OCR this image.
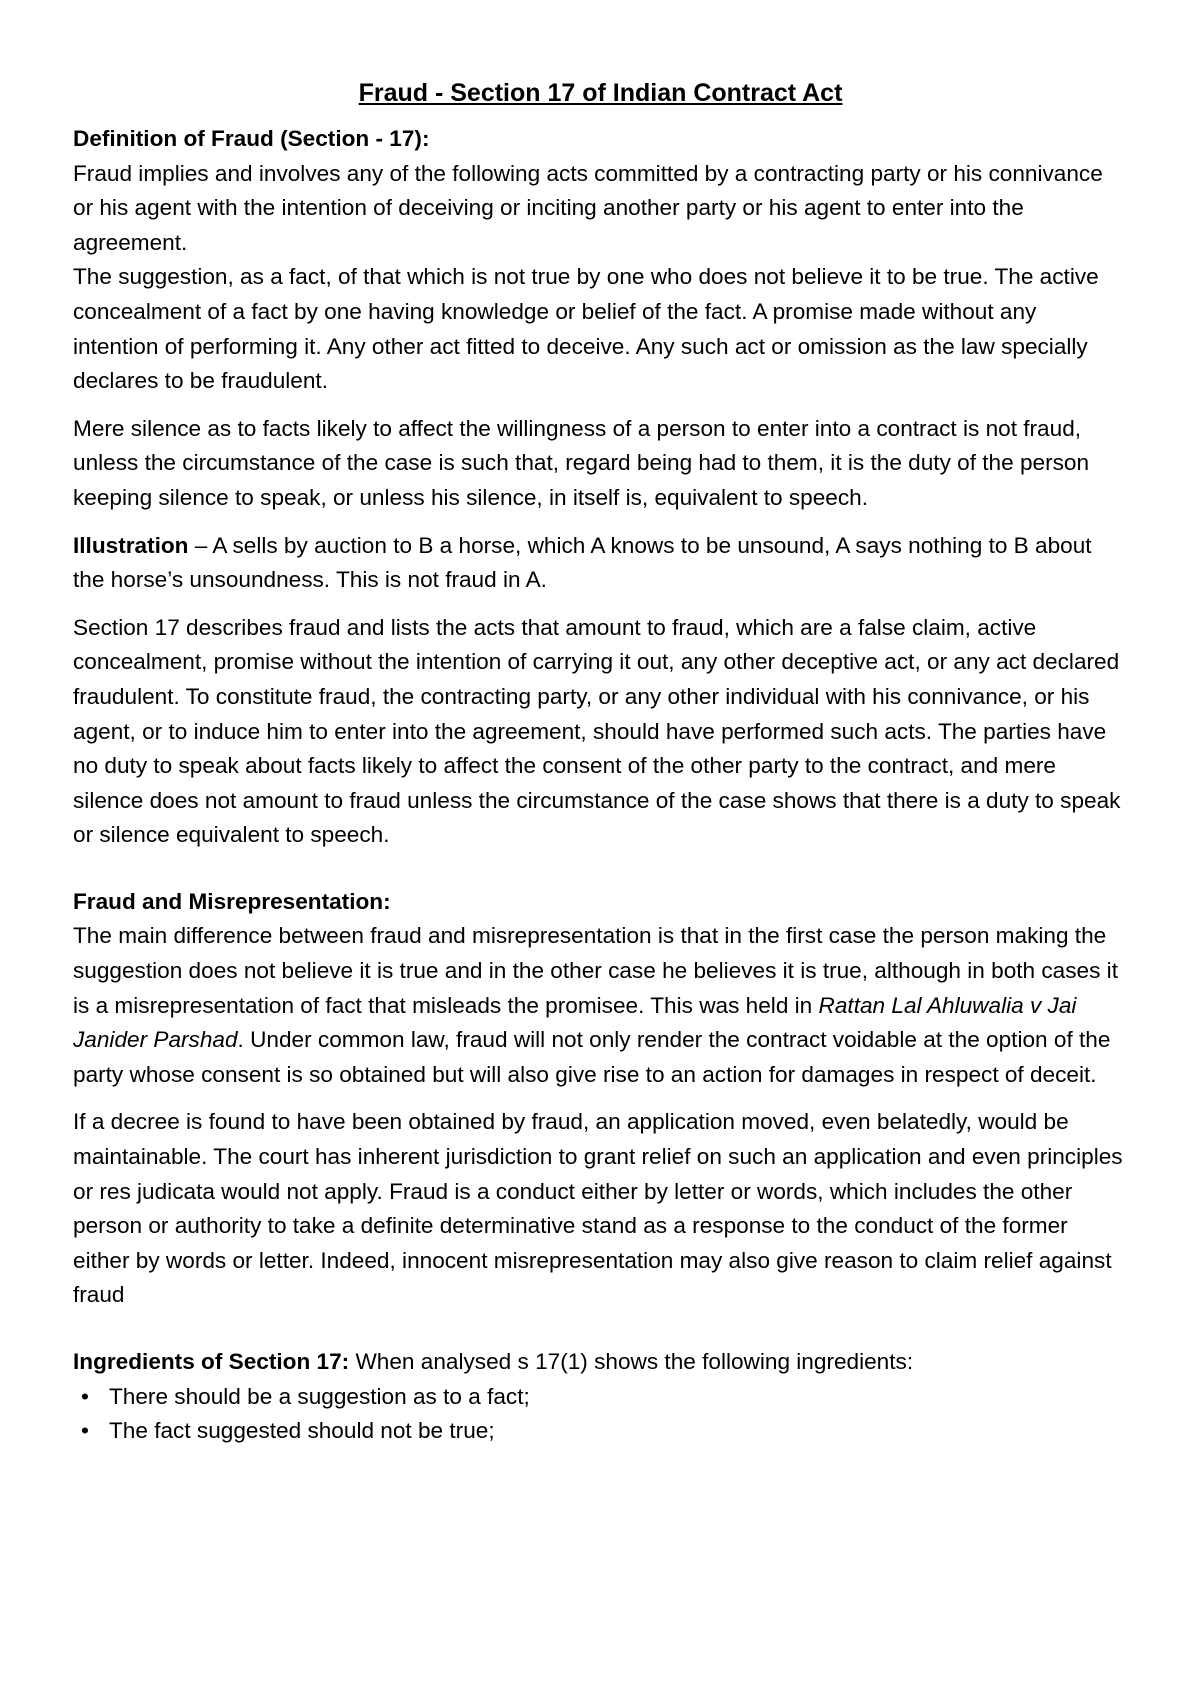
Fraud - Section 17 of Indian Contract Act

Definition of Fraud (Section - 17):

Fraud implies and involves any of the following acts committed by a contracting party or his connivance or his agent with the intention of deceiving or inciting another party or his agent to enter into the agreement.

The suggestion, as a fact, of that which is not true by one who does not believe it to be true. The active concealment of a fact by one having knowledge or belief of the fact. A promise made without any intention of performing it. Any other act fitted to deceive. Any such act or omission as the law specially declares to be fraudulent.

Mere silence as to facts likely to affect the willingness of a person to enter into a contract is not fraud, unless the circumstance of the case is such that, regard being had to them, it is the duty of the person keeping silence to speak, or unless his silence, in itself is, equivalent to speech.

Illustration – A sells by auction to B a horse, which A knows to be unsound, A says nothing to B about the horse’s unsoundness. This is not fraud in A.

Section 17 describes fraud and lists the acts that amount to fraud, which are a false claim, active concealment, promise without the intention of carrying it out, any other deceptive act, or any act declared fraudulent. To constitute fraud, the contracting party, or any other individual with his connivance, or his agent, or to induce him to enter into the agreement, should have performed such acts. The parties have no duty to speak about facts likely to affect the consent of the other party to the contract, and mere silence does not amount to fraud unless the circumstance of the case shows that there is a duty to speak or silence equivalent to speech.

Fraud and Misrepresentation:

The main difference between fraud and misrepresentation is that in the first case the person making the suggestion does not believe it is true and in the other case he believes it is true, although in both cases it is a misrepresentation of fact that misleads the promisee. This was held in Rattan Lal Ahluwalia v Jai Janider Parshad. Under common law, fraud will not only render the contract voidable at the option of the party whose consent is so obtained but will also give rise to an action for damages in respect of deceit.

If a decree is found to have been obtained by fraud, an application moved, even belatedly, would be maintainable. The court has inherent jurisdiction to grant relief on such an application and even principles or res judicata would not apply. Fraud is a conduct either by letter or words, which includes the other person or authority to take a definite determinative stand as a response to the conduct of the former either by words or letter. Indeed, innocent misrepresentation may also give reason to claim relief against fraud

Ingredients of Section 17: When analysed s 17(1) shows the following ingredients:

• There should be a suggestion as to a fact;
• The fact suggested should not be true;
